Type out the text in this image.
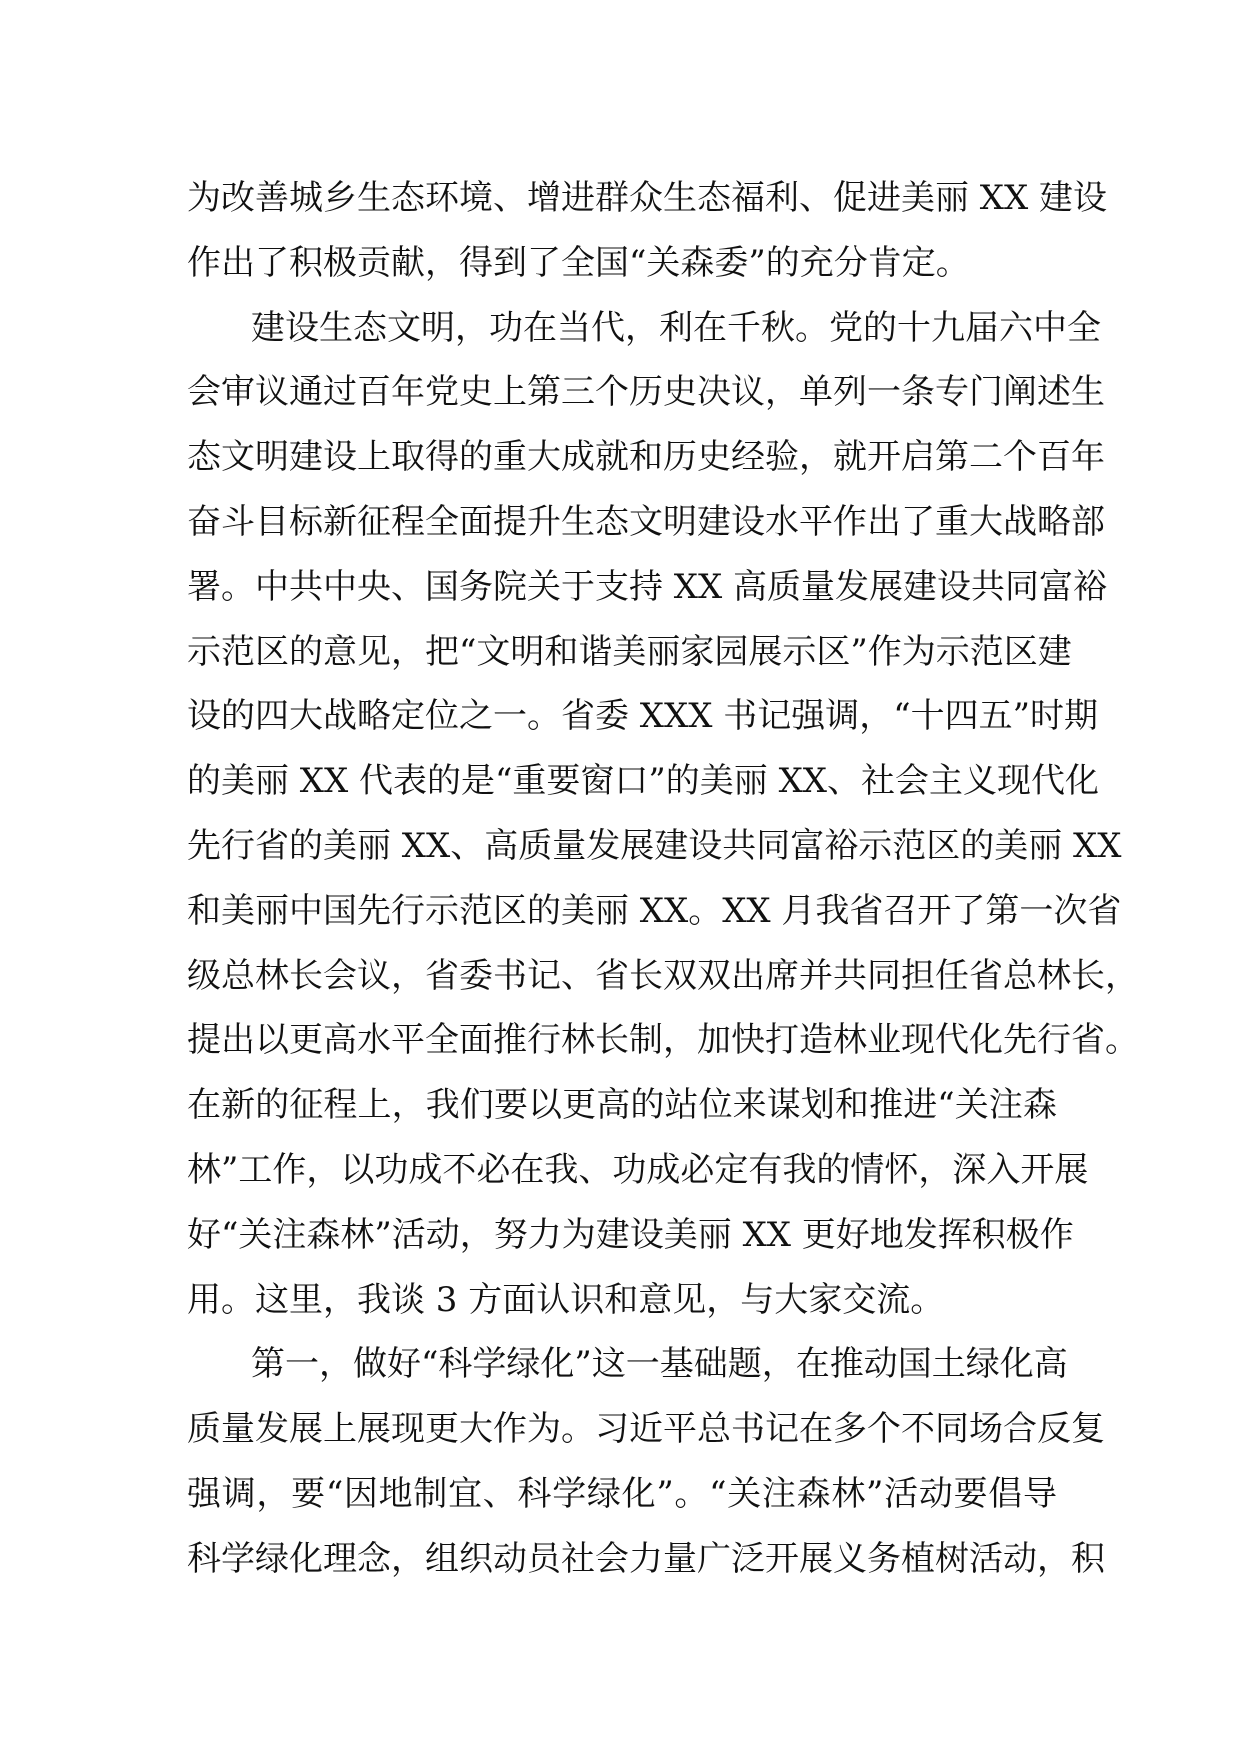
为改善城乡生态环境、增进群众生态福利、促进美丽 XX 建设
作出了积极贡献，得到了全国“关森委”的充分肯定。
建设生态文明，功在当代，利在千秋。党的十九届六中全
会审议通过百年党史上第三个历史决议，单列一条专门阐述生
态文明建设上取得的重大成就和历史经验，就开启第二个百年
奋斗目标新征程全面提升生态文明建设水平作出了重大战略部
署。中共中央、国务院关于支持 XX 高质量发展建设共同富裕
示范区的意见，把“文明和谐美丽家园展示区”作为示范区建
设的四大战略定位之一。省委 XXX 书记强调，“十四五”时期
的美丽 XX 代表的是“重要窗口”的美丽 XX、社会主义现代化
先行省的美丽 XX、高质量发展建设共同富裕示范区的美丽 XX
和美丽中国先行示范区的美丽 XX。XX 月我省召开了第一次省
级总林长会议，省委书记、省长双双出席并共同担任省总林长，
提出以更高水平全面推行林长制，加快打造林业现代化先行省。
在新的征程上，我们要以更高的站位来谋划和推进“关注森
林”工作，以功成不必在我、功成必定有我的情怀，深入开展
好“关注森林”活动，努力为建设美丽 XX 更好地发挥积极作
用。这里，我谈 3 方面认识和意见，与大家交流。
第一，做好“科学绿化”这一基础题，在推动国土绿化高
质量发展上展现更大作为。习近平总书记在多个不同场合反复
强调，要“因地制宜、科学绿化”。“关注森林”活动要倡导
科学绿化理念，组织动员社会力量广泛开展义务植树活动，积
